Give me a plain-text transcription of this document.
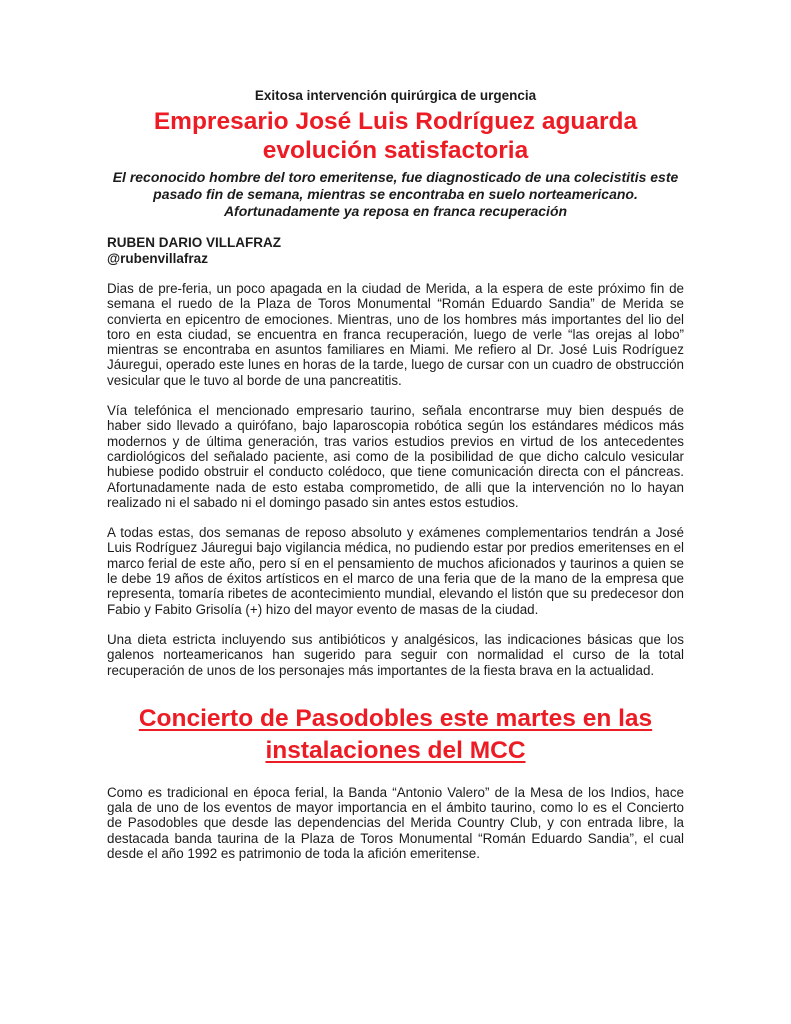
Exitosa intervención quirúrgica de urgencia
Empresario José Luis Rodríguez aguarda evolución satisfactoria
El reconocido hombre del toro emeritense, fue diagnosticado de una colecistitis este pasado fin de semana, mientras se encontraba en suelo norteamericano. Afortunadamente ya reposa en franca recuperación
RUBEN DARIO VILLAFRAZ
@rubenvillafraz

Dias de pre-feria, un poco apagada en la ciudad de Merida, a la espera de este próximo fin de semana el ruedo de la Plaza de Toros Monumental “Román Eduardo Sandia” de Merida se convierta en epicentro de emociones. Mientras, uno de los hombres más importantes del lio del toro en esta ciudad, se encuentra en franca recuperación, luego de verle “las orejas al lobo” mientras se encontraba en asuntos familiares en Miami. Me refiero al Dr. José Luis Rodríguez Jáuregui, operado este lunes en horas de la tarde, luego de cursar con un cuadro de obstrucción vesicular que le tuvo al borde de una pancreatitis.

Vía telefónica el mencionado empresario taurino, señala encontrarse muy bien después de haber sido llevado a quirófano, bajo laparoscopia robótica según los estándares médicos más modernos y de última generación, tras varios estudios previos en virtud de los antecedentes cardiológicos del señalado paciente, asi como de la posibilidad de que dicho calculo vesicular hubiese podido obstruir el conducto colédoco, que tiene comunicación directa con el páncreas. Afortunadamente nada de esto estaba comprometido, de alli que la intervención no lo hayan realizado ni el sabado ni el domingo pasado sin antes estos estudios.

A todas estas, dos semanas de reposo absoluto y exámenes complementarios tendrán a José Luis Rodríguez Jáuregui bajo vigilancia médica, no pudiendo estar por predios emeritenses en el marco ferial de este año, pero sí en el pensamiento de muchos aficionados y taurinos a quien se le debe 19 años de éxitos artísticos en el marco de una feria que de la mano de la empresa que representa, tomaría ribetes de acontecimiento mundial, elevando el listón que su predecesor don Fabio y Fabito Grisolía (+) hizo del mayor evento de masas de la ciudad.

Una dieta estricta incluyendo sus antibióticos y analgésicos, las indicaciones básicas que los galenos norteamericanos han sugerido para seguir con normalidad el curso de la total recuperación de unos de los personajes más importantes de la fiesta brava en la actualidad.

Concierto de Pasodobles este martes en las instalaciones del MCC

Como es tradicional en época ferial, la Banda “Antonio Valero” de la Mesa de los Indios, hace gala de uno de los eventos de mayor importancia en el ámbito taurino, como lo es el Concierto de Pasodobles que desde las dependencias del Merida Country Club, y con entrada libre, la destacada banda taurina de la Plaza de Toros Monumental “Román Eduardo Sandia”, el cual desde el año 1992 es patrimonio de toda la afición emeritense.
